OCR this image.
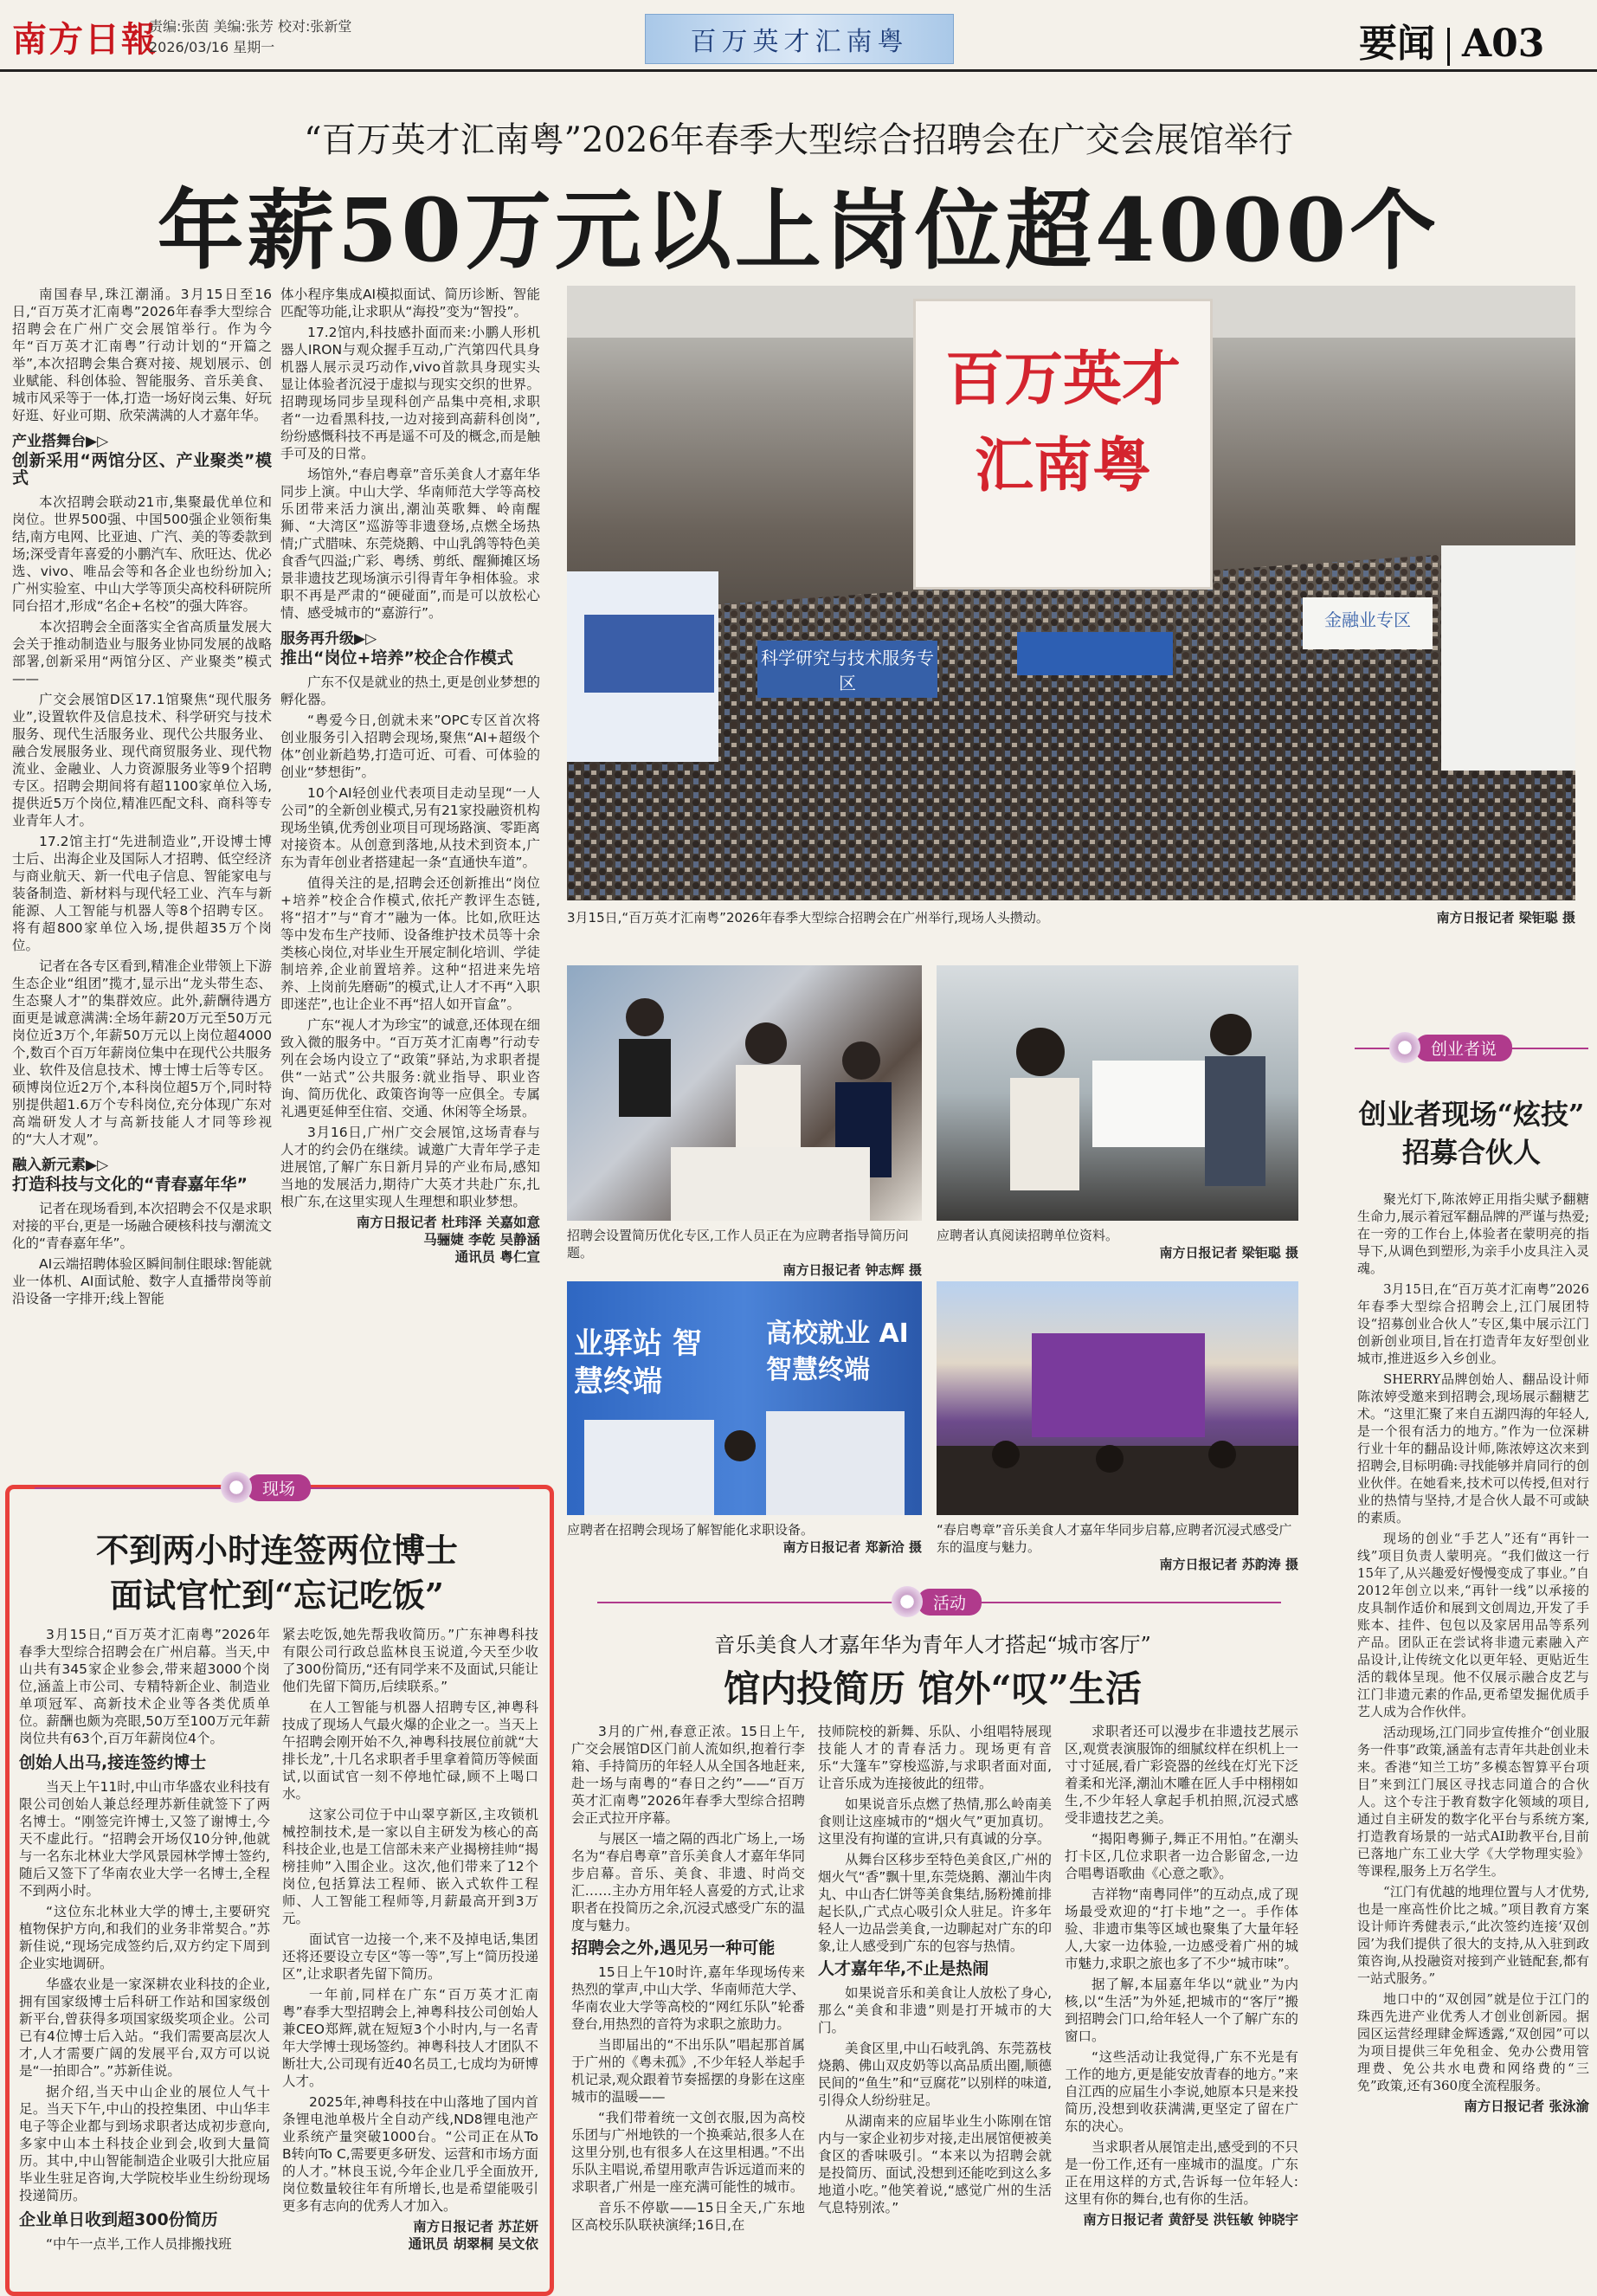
南方日報
责编:张茵 美编:张芳 校对:张新堂
2026/03/16 星期一	百万英才汇南粤	要闻 A03
“百万英才汇南粤”2026年春季大型综合招聘会在广交会展馆举行
年薪50万元以上岗位超4000个

南国春早,珠江潮涌。3月15日至16日,“百万英才汇南粤”2026年春季大型综合招聘会在广州广交会展馆举行。作为今年“百万英才汇南粤”行动计划的“开篇之举”,本次招聘会集合赛对接、规划展示、创业赋能、科创体验、智能服务、音乐美食、城市风采等于一体,打造一场好岗云集、好玩好逛、好业可期、欣荣满满的人才嘉年华。

产业搭舞台▶▷
创新采用“两馆分区、产业聚类”模式

本次招聘会联动21市,集聚最优单位和岗位。世界500强、中国500强企业领衔集结,南方电网、比亚迪、广汽、美的等委款到场;深受青年喜爱的小鹏汽车、欣旺达、优必选、vivo、唯品会等和各企业也纷纷加入;广州实验室、中山大学等顶尖高校科研院所同台招才,形成“名企+名校”的强大阵容。

本次招聘会全面落实全省高质量发展大会关于推动制造业与服务业协同发展的战略部署,创新采用“两馆分区、产业聚类”模式——

广交会展馆D区17.1馆聚焦“现代服务业”,设置软件及信息技术、科学研究与技术服务、现代生活服务业、现代公共服务业、融合发展服务业、现代商贸服务业、现代物流业、金融业、人力资源服务业等9个招聘专区。招聘会期间将有超1100家单位入场,提供近5万个岗位,精准匹配文科、商科等专业青年人才。

17.2馆主打“先进制造业”,开设博士博士后、出海企业及国际人才招聘、低空经济与商业航天、新一代电子信息、智能家电与装备制造、新材料与现代轻工业、汽车与新能源、人工智能与机器人等8个招聘专区。将有超800家单位入场,提供超35万个岗位。

记者在各专区看到,精准企业带领上下游生态企业“组团”揽才,显示出“龙头带生态、生态聚人才”的集群效应。此外,薪酬待遇方面更是诚意满满:全场年薪20万元至50万元岗位近3万个,年薪50万元以上岗位超4000个,数百个百万年薪岗位集中在现代公共服务业、软件及信息技术、博士博士后等专区。硕博岗位近2万个,本科岗位超5万个,同时特别提供超1.6万个专科岗位,充分体现广东对高端研发人才与高新技能人才同等珍视的“大人才观”。

融入新元素▶▷
打造科技与文化的“青春嘉年华”

记者在现场看到,本次招聘会不仅是求职对接的平台,更是一场融合硬核科技与潮流文化的“青春嘉年华”。

AI云端招聘体验区瞬间制住眼球:智能就业一体机、AI面试舱、数字人直播带岗等前沿设备一字排开;线上智能

体小程序集成AI模拟面试、简历诊断、智能匹配等功能,让求职从“海投”变为“智投”。

17.2馆内,科技感扑面而来:小鹏人形机器人IRON与观众握手互动,广汽第四代具身机器人展示灵巧动作,vivo首款具身现实头显让体验者沉浸于虚拟与现实交织的世界。招聘现场同步呈现科创产品集中亮相,求职者“一边看黑科技,一边对接到高薪科创岗”,纷纷感慨科技不再是遥不可及的概念,而是触手可及的日常。

场馆外,“春启粤章”音乐美食人才嘉年华同步上演。中山大学、华南师范大学等高校乐团带来活力演出,潮汕英歌舞、岭南醒狮、“大湾区”巡游等非遗登场,点燃全场热情;广式腊味、东莞烧鹅、中山乳鸽等特色美食香气四溢;广彩、粤绣、剪纸、醒狮摊区场景非遗技艺现场演示引得青年争相体验。求职不再是严肃的“硬碰面”,而是可以放松心情、感受城市的“嘉游行”。

服务再升级▶▷
推出“岗位+培养”校企合作模式

广东不仅是就业的热土,更是创业梦想的孵化器。

“粤爱今日,创就未来”OPC专区首次将创业服务引入招聘会现场,聚焦“AI+超级个体”创业新趋势,打造可近、可看、可体验的创业“梦想街”。

10个AI轻创业代表项目走动呈现“一人公司”的全新创业模式,另有21家投融资机构现场坐镇,优秀创业项目可现场路演、零距离对接资本。从创意到落地,从技术到资本,广东为青年创业者搭建起一条“直通快车道”。

值得关注的是,招聘会还创新推出“岗位+培养”校企合作模式,依托产教评生态链,将“招才”与“育才”融为一体。比如,欣旺达等中发布生产技师、设备维护技术员等十余类核心岗位,对毕业生开展定制化培训、学徒制培养,企业前置培养。这种“招进来先培养、上岗前先磨砺”的模式,让人才不再“入职即迷茫”,也让企业不再“招人如开盲盒”。

广东“视人才为珍宝”的诚意,还体现在细致入微的服务中。“百万英才汇南粤”行动专列在会场内设立了“政策”驿站,为求职者提供“一站式”公共服务:就业指导、职业咨询、简历优化、政策咨询等一应俱全。专属礼遇更延伸至住宿、交通、休闲等全场景。

3月16日,广州广交会展馆,这场青春与人才的约会仍在继续。诚邀广大青年学子走进展馆,了解广东日新月异的产业布局,感知当地的发展活力,期待广大英才共赴广东,扎根广东,在这里实现人生理想和职业梦想。

南方日报记者 杜玮泽 关嘉如意
马骊婕 李乾 吴静涵
通讯员 粤仁宣
百万英才汇南粤
科学研究与技术服务专区
金融业专区
3月15日,“百万英才汇南粤”2026年春季大型综合招聘会在广州举行,现场人头攒动。	南方日报记者 梁钜聪 摄
招聘会设置简历优化专区,工作人员正在为应聘者指导简历问题。

南方日报记者 钟志辉 摄
应聘者认真阅读招聘单位资料。

南方日报记者 梁钜聪 摄
业驿站 智慧终端
高校就业 AI智慧终端
应聘者在招聘会现场了解智能化求职设备。

南方日报记者 郑新洽 摄
“春启粤章”音乐美食人才嘉年华同步启幕,应聘者沉浸式感受广东的温度与魅力。

南方日报记者 苏韵涛 摄
现场
不到两小时连签两位博士
面试官忙到“忘记吃饭”

3月15日,“百万英才汇南粤”2026年春季大型综合招聘会在广州启幕。当天,中山共有345家企业参会,带来超3000个岗位,涵盖上市公司、专精特新企业、制造业单项冠军、高新技术企业等各类优质单位。薪酬也颇为亮眼,50万至100万元年薪岗位共有63个,百万年薪岗位4个。

创始人出马,接连签约博士

当天上午11时,中山市华盛农业科技有限公司创始人兼总经理苏新佳就签下了两名博士。“刚签完许博士,又签了谢博士,今天不虚此行。“招聘会开场仅10分钟,他就与一名东北林业大学风景园林学博士签约,随后又签下了华南农业大学一名博士,全程不到两小时。

“这位东北林业大学的博士,主要研究植物保护方向,和我们的业务非常契合。”苏新佳说,“现场完成签约后,双方约定下周到企业实地调研。

华盛农业是一家深耕农业科技的企业,拥有国家级博士后科研工作站和国家级创新平台,曾获得多项国家级奖项企业。公司已有4位博士后入站。“我们需要高层次人才,人才需要广阔的发展平台,双方可以说是“一拍即合”。”苏新佳说。

据介绍,当天中山企业的展位人气十足。当天下午,中山的投控集团、中山华丰电子等企业都与到场求职者达成初步意向,多家中山本土科技企业到会,收到大量简历。其中,中山智能制造企业吸引大批应届毕业生驻足咨询,大学院校毕业生纷纷现场投递简历。

企业单日收到超300份简历

“中午一点半,工作人员排搬找班

紧去吃饭,她先帮我收简历。”广东神粤科技有限公司行政总监林良玉说道,今天至少收了300份简历,“还有同学来不及面试,只能让他们先留下简历,后续联系。”

在人工智能与机器人招聘专区,神粤科技成了现场人气最火爆的企业之一。当天上午招聘会刚开始不久,神粤科技展位前就“大排长龙”,十几名求职者手里拿着简历等候面试,以面试官一刻不停地忙碌,顾不上喝口水。

这家公司位于中山翠亨新区,主攻锁机械控制技术,是一家以自主研发为核心的高科技企业,也是工信部未来产业揭榜挂帅“揭榜挂帅”入围企业。这次,他们带来了12个岗位,包括算法工程师、嵌入式软件工程师、人工智能工程师等,月薪最高开到3万元。

面试官一边接一个,来不及掉电话,集团还将还要设立专区“等一等”,写上“简历投递区”,让求职者先留下简历。

一年前,同样在广东“百万英才汇南粤”春季大型招聘会上,神粤科技公司创始人兼CEO郑辉,就在短短3个小时内,与一名青年大学博士现场签约。神粤科技人才团队不断壮大,公司现有近40名员工,七成均为研博人才。

2025年,神粤科技在中山落地了国内首条锂电池单极片全自动产线,ND8锂电池产业系统产量突破1000台。“公司正在从To B转向To C,需要更多研发、运营和市场方面的人才。”林良玉说,今年企业几乎全面放开,岗位数量较往年有所增长,也是希望能吸引更多有志向的优秀人才加入。

南方日报记者 苏芷妍
通讯员 胡翠桐 吴文依
活动
音乐美食人才嘉年华为青年人才搭起“城市客厅”
馆内投简历 馆外“叹”生活

3月的广州,春意正浓。15日上午,广交会展馆D区门前人流如织,抱着行李箱、手持简历的年轻人从全国各地赶来,赴一场与南粤的“春日之约”——“百万英才汇南粤”2026年春季大型综合招聘会正式拉开序幕。

与展区一墙之隔的西北广场上,一场名为“春启粤章”音乐美食人才嘉年华同步启幕。音乐、美食、非遗、时尚交汇……主办方用年轻人喜爱的方式,让求职者在投简历之余,沉浸式感受广东的温度与魅力。

招聘会之外,遇见另一种可能

15日上午10时许,嘉年华现场传来热烈的掌声,中山大学、华南师范大学、华南农业大学等高校的“网红乐队”轮番登台,用热烈的音符为求职之旅助力。

当即届出的“不出乐队”唱起那首属于广州的《粤未孤》,不少年轻人举起手机记录,观众跟着节奏摇摆的身影在这座城市的温暖——

“我们带着统一文创衣服,因为高校乐团与广州地铁的一个换乘站,很多人在这里分别,也有很多人在这里相遇。”不出乐队主唱说,希望用歌声告诉远道而来的求职者,广州是一座充满可能性的城市。

音乐不停歇——15日全天,广东地区高校乐队联袂演绎;16日,在

技师院校的新舞、乐队、小组唱特展现技能人才的青春活力。现场更有音乐“大篷车”穿梭巡游,与求职者面对面,让音乐成为连接彼此的纽带。

如果说音乐点燃了热情,那么岭南美食则让这座城市的“烟火气”更加真切。这里没有拘谨的宣讲,只有真诚的分享。

从舞台区移步至特色美食区,广州的烟火气“香”飘十里,东莞烧鹅、潮汕牛肉丸、中山杏仁饼等美食集结,肠粉摊前排起长队,广式点心吸引众人驻足。许多年轻人一边品尝美食,一边聊起对广东的印象,让人感受到广东的包容与热情。

人才嘉年华,不止是热闹

如果说音乐和美食让人放松了身心,那么“美食和非遗”则是打开城市的大门。

美食区里,中山石岐乳鸽、东莞荔枝烧鹅、佛山双皮奶等以高品质出圈,顺德民间的“鱼生”和“豆腐花”以别样的味道,引得众人纷纷驻足。

从湖南来的应届毕业生小陈刚在馆内与一家企业初步对接,走出展馆便被美食区的香味吸引。“本来以为招聘会就是投简历、面试,没想到还能吃到这么多地道小吃。”他笑着说,“感觉广州的生活气息特别浓。”

求职者还可以漫步在非遗技艺展示区,观赏表演服饰的细腻纹样在织机上一寸寸延展,看广彩瓷器的丝线在灯光下泛着柔和光泽,潮汕木雕在匠人手中栩栩如生,不少年轻人拿起手机拍照,沉浸式感受非遗技艺之美。

“揭阳粤狮子,舞正不用怕。”在潮头打卡区,几位求职者一边合影留念,一边合唱粤语歌曲《心意之歌》。

吉祥物“南粤同伴”的互动点,成了现场最受欢迎的“打卡地”之一。手作体验、非遗市集等区域也聚集了大量年轻人,大家一边体验,一边感受着广州的城市魅力,求职之旅也多了不少“城市味”。

据了解,本届嘉年华以“就业”为内核,以“生活”为外延,把城市的“客厅”搬到招聘会门口,给年轻人一个了解广东的窗口。

“这些活动让我觉得,广东不光是有工作的地方,更是能安放青春的地方。”来自江西的应届生小李说,她原本只是来投简历,没想到收获满满,更坚定了留在广东的决心。

当求职者从展馆走出,感受到的不只是一份工作,还有一座城市的温度。广东正在用这样的方式,告诉每一位年轻人:这里有你的舞台,也有你的生活。

南方日报记者 黄舒旻 洪钰敏 钟晓宇
创业者说
创业者现场“炫技”
招募合伙人

聚光灯下,陈浓婷正用指尖赋予翻糖生命力,展示着冠军翻品牌的严谨与热爱;在一旁的工作台上,体验者在蒙明亮的指导下,从调色到塑形,为亲手小皮具注入灵魂。

3月15日,在“百万英才汇南粤”2026年春季大型综合招聘会上,江门展团特设“招募创业合伙人”专区,集中展示江门创新创业项目,旨在打造青年友好型创业城市,推进返乡入乡创业。

SHERRY品牌创始人、翻品设计师陈浓婷受邀来到招聘会,现场展示翻糖艺术。“这里汇聚了来自五湖四海的年轻人,是一个很有活力的地方。”作为一位深耕行业十年的翻品设计师,陈浓婷这次来到招聘会,目标明确:寻找能够并肩同行的创业伙伴。在她看来,技术可以传授,但对行业的热情与坚持,才是合伙人最不可或缺的素质。

现场的创业“手艺人”还有“再针一线”项目负责人蒙明亮。“我们做这一行15年了,从兴趣爱好慢慢变成了事业。”自2012年创立以来,“再针一线”以承接的皮具制作适价和展到文创周边,开发了手账本、挂件、包包以及家居用品等系列产品。团队正在尝试将非遗元素融入产品设计,让传统文化以更年轻、更贴近生活的载体呈现。他不仅展示融合皮艺与江门非遗元素的作品,更希望发掘优质手艺人成为合作伙伴。

活动现场,江门同步宣传推介“创业服务一件事”政策,涵盖有志青年共赴创业未来。香港“知兰工坊”多模态智算平台项目”来到江门展区寻找志同道合的合伙人。这个专注于教育数字化领域的项目,通过自主研发的数字化平台与系统方案,打造教育场景的一站式AI助教平台,目前已落地广东工业大学《大学物理实验》等课程,服务上万名学生。

“江门有优越的地理位置与人才优势,也是一座高性价比之城。”项目教育方案设计师许秀健表示,“此次签约连接‘双创园’为我们提供了很大的支持,从入驻到政策咨询,从投融资对接到产业链配套,都有一站式服务。”

地口中的“双创园”就是位于江门的珠西先进产业优秀人才创业创新园。据园区运营经理肆金辉透露,“双创园”可以为项目提供三年免租金、免办公费用管理费、免公共水电费和网络费的“三免”政策,还有360度全流程服务。

南方日报记者 张泳渝
